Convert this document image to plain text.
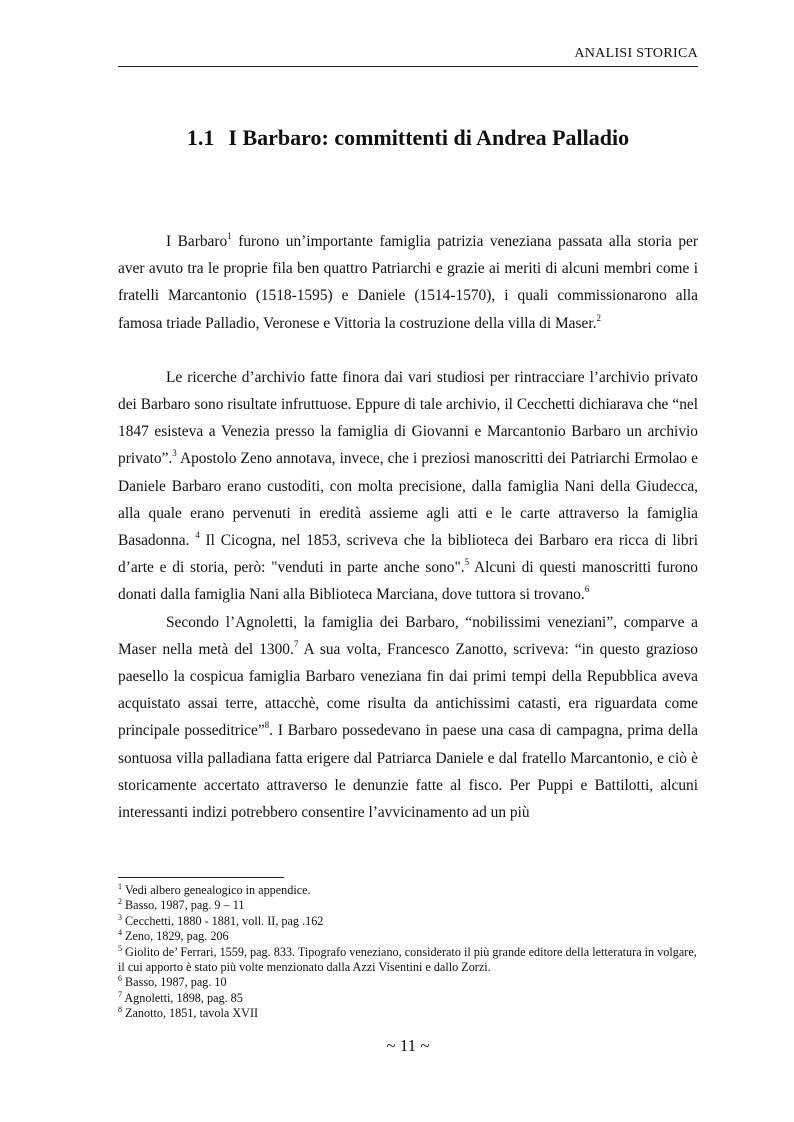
ANALISI STORICA
1.1 I Barbaro: committenti di Andrea Palladio

I Barbaro$^1$ furono un’importante famiglia patrizia veneziana passata alla storia per aver avuto tra le proprie fila ben quattro Patriarchi e grazie ai meriti di alcuni membri come i fratelli Marcantonio (1518-1595) e Daniele (1514-1570), i quali commissionarono alla famosa triade Palladio, Veronese e Vittoria la costruzione della villa di Maser.$^2$

Le ricerche d’archivio fatte finora dai vari studiosi per rintracciare l’archivio privato dei Barbaro sono risultate infruttuose. Eppure di tale archivio, il Cecchetti dichiarava che “nel 1847 esisteva a Venezia presso la famiglia di Giovanni e Marcantonio Barbaro un archivio privato”.$^3$ Apostolo Zeno annotava, invece, che i preziosi manoscritti dei Patriarchi Ermolao e Daniele Barbaro erano custoditi, con molta precisione, dalla famiglia Nani della Giudecca, alla quale erano pervenuti in eredità assieme agli atti e le carte attraverso la famiglia Basadonna. $^4$ Il Cicogna, nel 1853, scriveva che la biblioteca dei Barbaro era ricca di libri d’arte e di storia, però: "venduti in parte anche sono".$^5$ Alcuni di questi manoscritti furono donati dalla famiglia Nani alla Biblioteca Marciana, dove tuttora si trovano.$^6$

Secondo l’Agnoletti, la famiglia dei Barbaro, “nobilissimi veneziani”, comparve a Maser nella metà del 1300.$^7$ A sua volta, Francesco Zanotto, scriveva: “in questo grazioso paesello la cospicua famiglia Barbaro veneziana fin dai primi tempi della Repubblica aveva acquistato assai terre, attacchè, come risulta da antichissimi catasti, era riguardata come principale posseditrice”$^8$. I Barbaro possedevano in paese una casa di campagna, prima della sontuosa villa palladiana fatta erigere dal Patriarca Daniele e dal fratello Marcantonio, e ciò è storicamente accertato attraverso le denunzie fatte al fisco. Per Puppi e Battilotti, alcuni interessanti indizi potrebbero consentire l’avvicinamento ad un più

$^1$ Vedi albero genealogico in appendice.

$^2$ Basso, 1987, pag. 9 – 11

$^3$ Cecchetti, 1880 - 1881, voll. II, pag .162

$^4$ Zeno, 1829, pag. 206

$^5$ Giolito de’ Ferrari, 1559, pag. 833. Tipografo veneziano, considerato il più grande editore della letteratura in volgare, il cui apporto è stato più volte menzionato dalla Azzi Visentini e dallo Zorzi.

$^6$ Basso, 1987, pag. 10

$^7$ Agnoletti, 1898, pag. 85

$^8$ Zanotto, 1851, tavola XVII

~ 11 ~
